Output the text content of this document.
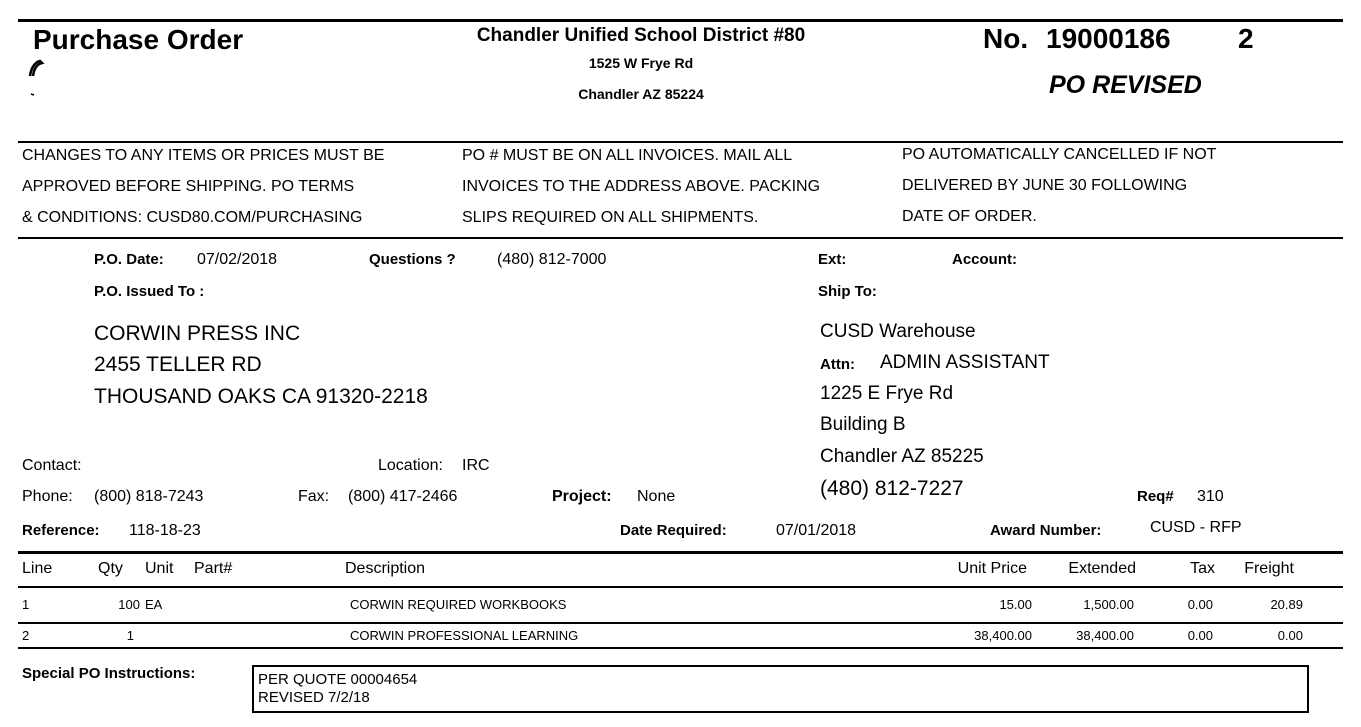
Purchase Order	Chandler Unified School District #80
1525 W Frye Rd
Chandler AZ 85224
No. 19000186 2
PO REVISED
CHANGES TO ANY ITEMS OR PRICES MUST BE
APPROVED BEFORE SHIPPING. PO TERMS
& CONDITIONS: CUSD80.COM/PURCHASING
PO # MUST BE ON ALL INVOICES. MAIL ALL
INVOICES TO THE ADDRESS ABOVE. PACKING
SLIPS REQUIRED ON ALL SHIPMENTS.
PO AUTOMATICALLY CANCELLED IF NOT
DELIVERED BY JUNE 30 FOLLOWING
DATE OF ORDER.
P.O. Date: 07/02/2018	Questions ?	(480) 812-7000	Ext:	Account:
P.O. Issued To :	Ship To:
CORWIN PRESS INC
2455 TELLER RD
THOUSAND OAKS CA 91320-2218
CUSD Warehouse
Attn: ADMIN ASSISTANT
1225 E Frye Rd
Building B
Chandler AZ 85225
(480) 812-7227
Contact:	Location: IRC
Phone: (800) 818-7243	Fax: (800) 417-2466	Project: None	Req# 310
Reference: 118-18-23	Date Required:	07/01/2018	Award Number:	CUSD - RFP
Line	Qty Unit Part#	Description	Unit Price	Extended	Tax	Freight
1	100 EA	CORWIN REQUIRED WORKBOOKS	15.00	1,500.00	0.00	20.89
2	1	CORWIN PROFESSIONAL LEARNING	38,400.00	38,400.00	0.00	0.00
Special PO Instructions:	PER QUOTE 00004654
REVISED 7/2/18
